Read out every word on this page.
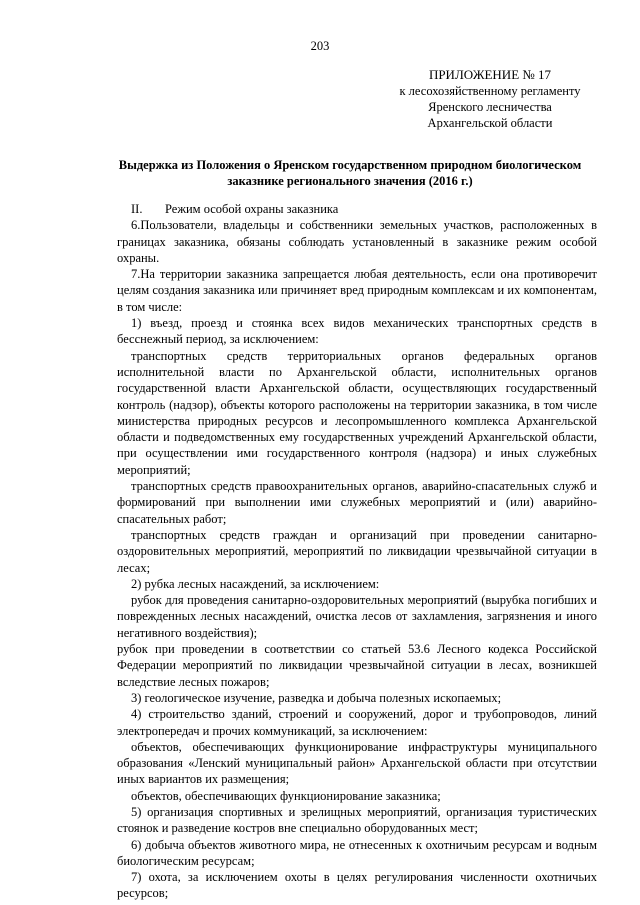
203
ПРИЛОЖЕНИЕ № 17
к лесохозяйственному регламенту
Яренского лесничества
Архангельской области
Выдержка из Положения о Яренском государственном природном биологическом
заказнике регионального значения (2016 г.)
II.	Режим особой охраны заказника

6.Пользователи, владельцы и собственники земельных участков, расположенных в границах заказника, обязаны соблюдать установленный в заказнике режим особой охраны.

7.На территории заказника запрещается любая деятельность, если она противоречит целям создания заказника или причиняет вред природным комплексам и их компонентам, в том числе:

1) въезд, проезд и стоянка всех видов механических транспортных средств в бесснежный период, за исключением:

транспортных средств территориальных органов федеральных органов исполнительной власти по Архангельской области, исполнительных органов государственной власти Архангельской области, осуществляющих государственный контроль (надзор), объекты которого расположены на территории заказника, в том числе министерства природных ресурсов и лесопромышленного комплекса Архангельской области и подведомственных ему государственных учреждений Архангельской области, при осуществлении ими государственного контроля (надзора) и иных служебных мероприятий;

транспортных средств правоохранительных органов, аварийно-спасательных служб и формирований при выполнении ими служебных мероприятий и (или) аварийно-спасательных работ;

транспортных средств граждан и организаций при проведении санитарно-оздоровительных мероприятий, мероприятий по ликвидации чрезвычайной ситуации в лесах;

2) рубка лесных насаждений, за исключением:

рубок для проведения санитарно-оздоровительных мероприятий (вырубка погибших и поврежденных лесных насаждений, очистка лесов от захламления, загрязнения и иного негативного воздействия);

рубок при проведении в соответствии со статьей 53.6 Лесного кодекса Российской Федерации мероприятий по ликвидации чрезвычайной ситуации в лесах, возникшей вследствие лесных пожаров;

3) геологическое изучение, разведка и добыча полезных ископаемых;

4) строительство зданий, строений и сооружений, дорог и трубопроводов, линий электропередач и прочих коммуникаций, за исключением:

объектов, обеспечивающих функционирование инфраструктуры муниципального образования «Ленский муниципальный район» Архангельской области при отсутствии иных вариантов их размещения;

объектов, обеспечивающих функционирование заказника;

5) организация спортивных и зрелищных мероприятий, организация туристических стоянок и разведение костров вне специально оборудованных мест;

6) добыча объектов животного мира, не отнесенных к охотничьим ресурсам и водным биологическим ресурсам;

7) охота, за исключением охоты в целях регулирования численности охотничьих ресурсов;
